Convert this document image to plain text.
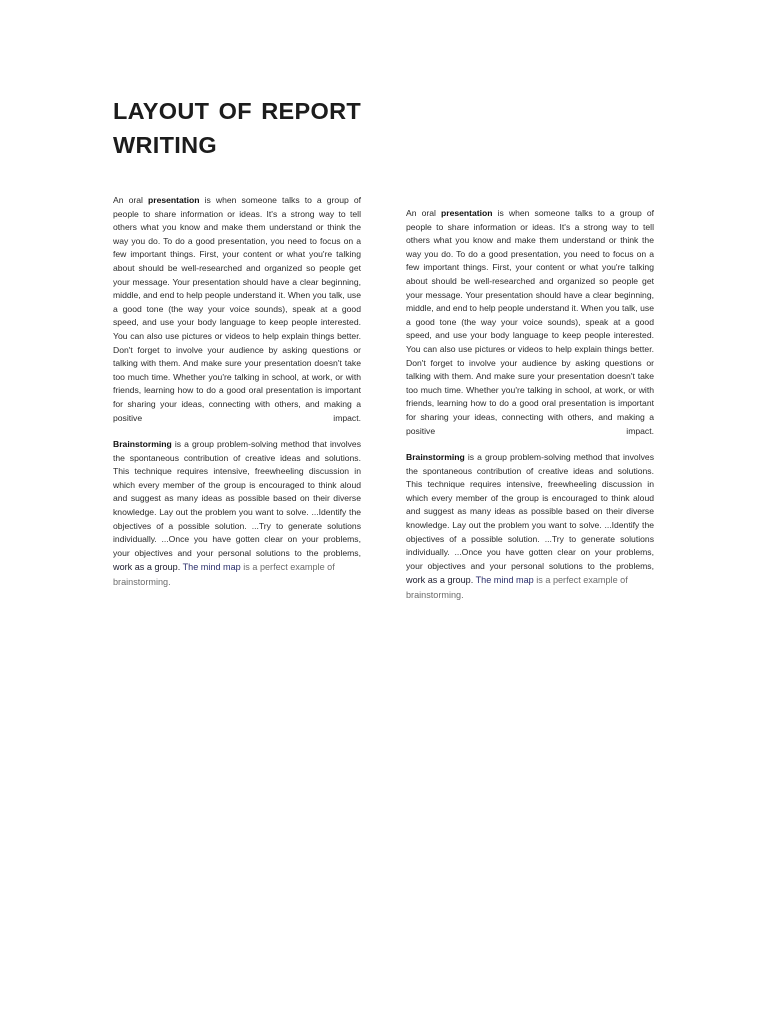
LAYOUT OF REPORT WRITING

An oral presentation is when someone talks to a group of people to share information or ideas. It's a strong way to tell others what you know and make them understand or think the way you do. To do a good presentation, you need to focus on a few important things. First, your content or what you're talking about should be well-researched and organized so people get your message. Your presentation should have a clear beginning, middle, and end to help people understand it. When you talk, use a good tone (the way your voice sounds), speak at a good speed, and use your body language to keep people interested. You can also use pictures or videos to help explain things better. Don't forget to involve your audience by asking questions or talking with them. And make sure your presentation doesn't take too much time. Whether you're talking in school, at work, or with friends, learning how to do a good oral presentation is important for sharing your ideas, connecting with others, and making a positive impact.

Brainstorming is a group problem-solving method that involves the spontaneous contribution of creative ideas and solutions. This technique requires intensive, freewheeling discussion in which every member of the group is encouraged to think aloud and suggest as many ideas as possible based on their diverse knowledge. Lay out the problem you want to solve. ...Identify the objectives of a possible solution. ...Try to generate solutions individually. ...Once you have gotten clear on your problems, your objectives and your personal solutions to the problems,

work as a group. The mind map is a perfect example of brainstorming.

An oral presentation is when someone talks to a group of people to share information or ideas. It's a strong way to tell others what you know and make them understand or think the way you do. To do a good presentation, you need to focus on a few important things. First, your content or what you're talking about should be well-researched and organized so people get your message. Your presentation should have a clear beginning, middle, and end to help people understand it. When you talk, use a good tone (the way your voice sounds), speak at a good speed, and use your body language to keep people interested. You can also use pictures or videos to help explain things better. Don't forget to involve your audience by asking questions or talking with them. And make sure your presentation doesn't take too much time. Whether you're talking in school, at work, or with friends, learning how to do a good oral presentation is important for sharing your ideas, connecting with others, and making a positive impact.

Brainstorming is a group problem-solving method that involves the spontaneous contribution of creative ideas and solutions. This technique requires intensive, freewheeling discussion in which every member of the group is encouraged to think aloud and suggest as many ideas as possible based on their diverse knowledge. Lay out the problem you want to solve. ...Identify the objectives of a possible solution. ...Try to generate solutions individually. ...Once you have gotten clear on your problems, your objectives and your personal solutions to the problems,

work as a group. The mind map is a perfect example of brainstorming.
